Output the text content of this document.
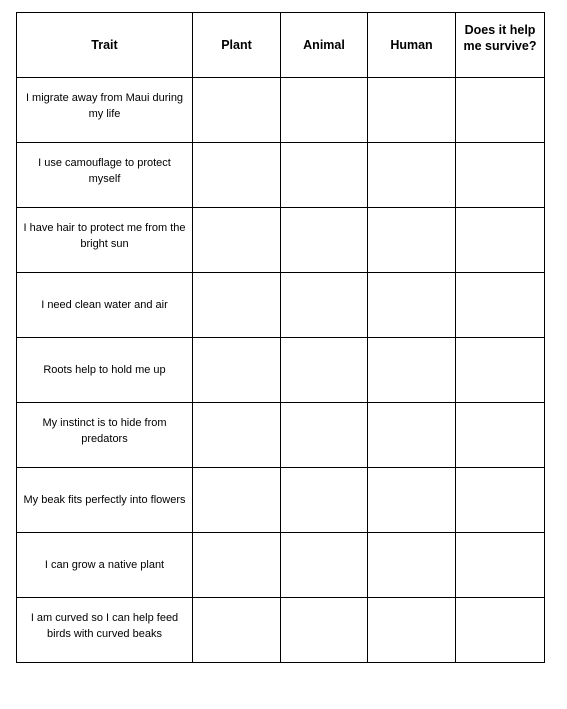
Trait	Plant	Animal	Human	Does it help me survive?
I migrate away from Maui during my life				
I use camouflage to protect myself				
I have hair to protect me from the bright sun				
I need clean water and air				
Roots help to hold me up				
My instinct is to hide from predators				
My beak fits perfectly into flowers				
I can grow a native plant				
I am curved so I can help feed birds with curved beaks				
